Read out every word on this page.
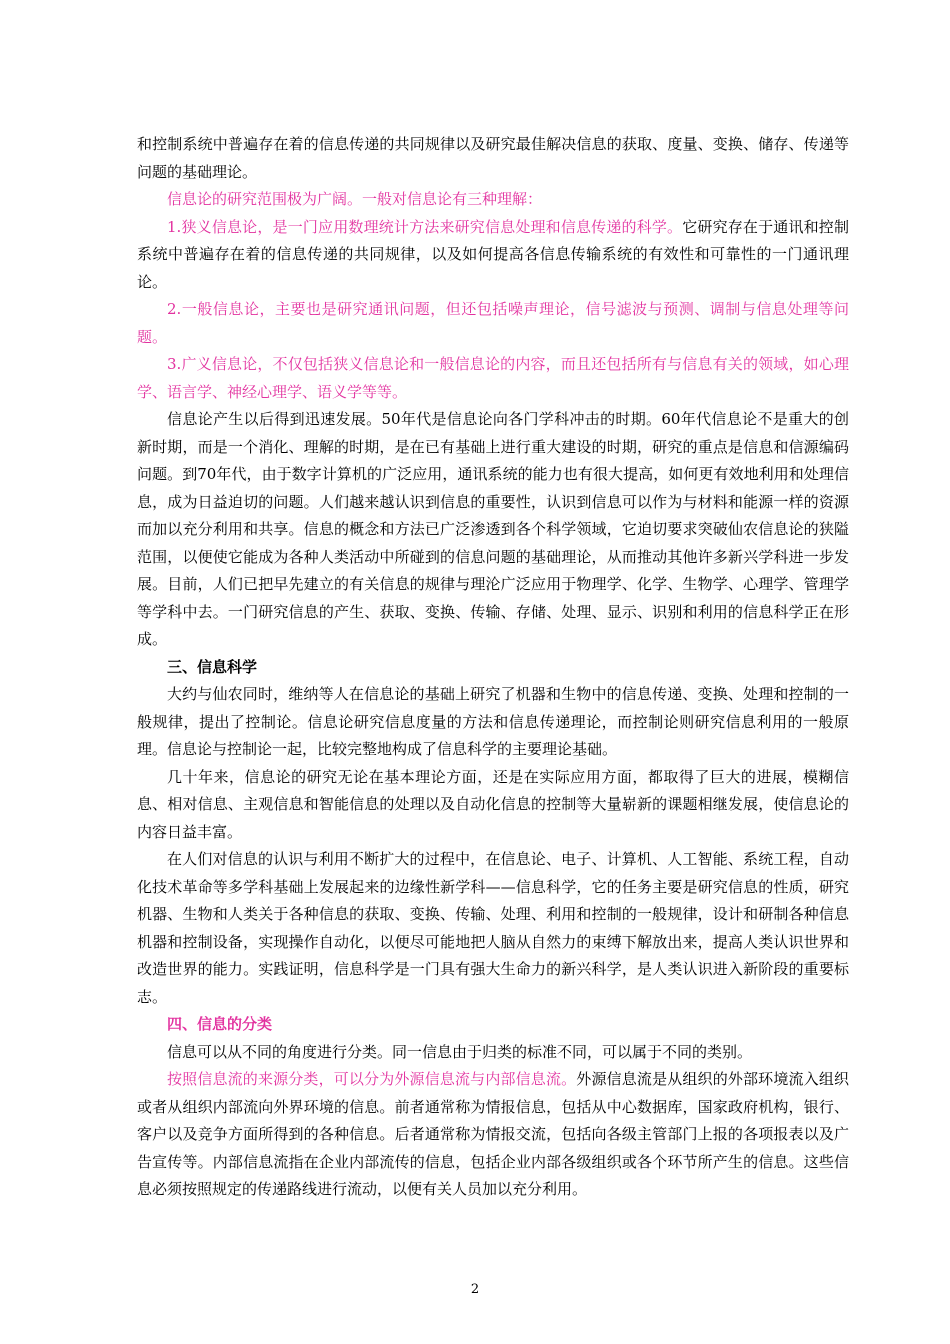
和控制系统中普遍存在着的信息传递的共同规律以及研究最佳解决信息的获取、度量、变换、储存、传递等问题的基础理论。

信息论的研究范围极为广阔。一般对信息论有三种理解：

1.狭义信息论，是一门应用数理统计方法来研究信息处理和信息传递的科学。它研究存在于通讯和控制系统中普遍存在着的信息传递的共同规律，以及如何提高各信息传输系统的有效性和可靠性的一门通讯理论。

2.一般信息论，主要也是研究通讯问题，但还包括噪声理论，信号滤波与预测、调制与信息处理等问题。

3.广义信息论，不仅包括狭义信息论和一般信息论的内容，而且还包括所有与信息有关的领域，如心理学、语言学、神经心理学、语义学等等。

信息论产生以后得到迅速发展。50年代是信息论向各门学科冲击的时期。60年代信息论不是重大的创新时期，而是一个消化、理解的时期，是在已有基础上进行重大建设的时期，研究的重点是信息和信源编码问题。到70年代，由于数字计算机的广泛应用，通讯系统的能力也有很大提高，如何更有效地利用和处理信息，成为日益迫切的问题。人们越来越认识到信息的重要性，认识到信息可以作为与材料和能源一样的资源而加以充分利用和共享。信息的概念和方法已广泛渗透到各个科学领域，它迫切要求突破仙农信息论的狭隘范围，以便使它能成为各种人类活动中所碰到的信息问题的基础理论，从而推动其他许多新兴学科进一步发展。目前，人们已把早先建立的有关信息的规律与理沦广泛应用于物理学、化学、生物学、心理学、管理学等学科中去。一门研究信息的产生、获取、变换、传输、存储、处理、显示、识别和利用的信息科学正在形成。

三、信息科学

大约与仙农同时，维纳等人在信息论的基础上研究了机器和生物中的信息传递、变换、处理和控制的一般规律，提出了控制论。信息论研究信息度量的方法和信息传递理论，而控制论则研究信息利用的一般原理。信息论与控制论一起，比较完整地构成了信息科学的主要理论基础。

几十年来，信息论的研究无论在基本理论方面，还是在实际应用方面，都取得了巨大的进展，模糊信息、相对信息、主观信息和智能信息的处理以及自动化信息的控制等大量崭新的课题相继发展，使信息论的内容日益丰富。

在人们对信息的认识与利用不断扩大的过程中，在信息论、电子、计算机、人工智能、系统工程，自动化技术革命等多学科基础上发展起来的边缘性新学科——信息科学，它的任务主要是研究信息的性质，研究机器、生物和人类关于各种信息的获取、变换、传输、处理、利用和控制的一般规律，设计和研制各种信息机器和控制设备，实现操作自动化，以便尽可能地把人脑从自然力的束缚下解放出来，提高人类认识世界和改造世界的能力。实践证明，信息科学是一门具有强大生命力的新兴科学，是人类认识进入新阶段的重要标志。

四、信息的分类

信息可以从不同的角度进行分类。同一信息由于归类的标准不同，可以属于不同的类别。

按照信息流的来源分类，可以分为外源信息流与内部信息流。外源信息流是从组织的外部环境流入组织或者从组织内部流向外界环境的信息。前者通常称为情报信息，包括从中心数据库，国家政府机构，银行、客户以及竞争方面所得到的各种信息。后者通常称为情报交流，包括向各级主管部门上报的各项报表以及广告宣传等。内部信息流指在企业内部流传的信息，包括企业内部各级组织或各个环节所产生的信息。这些信息必须按照规定的传递路线进行流动，以便有关人员加以充分利用。

2
